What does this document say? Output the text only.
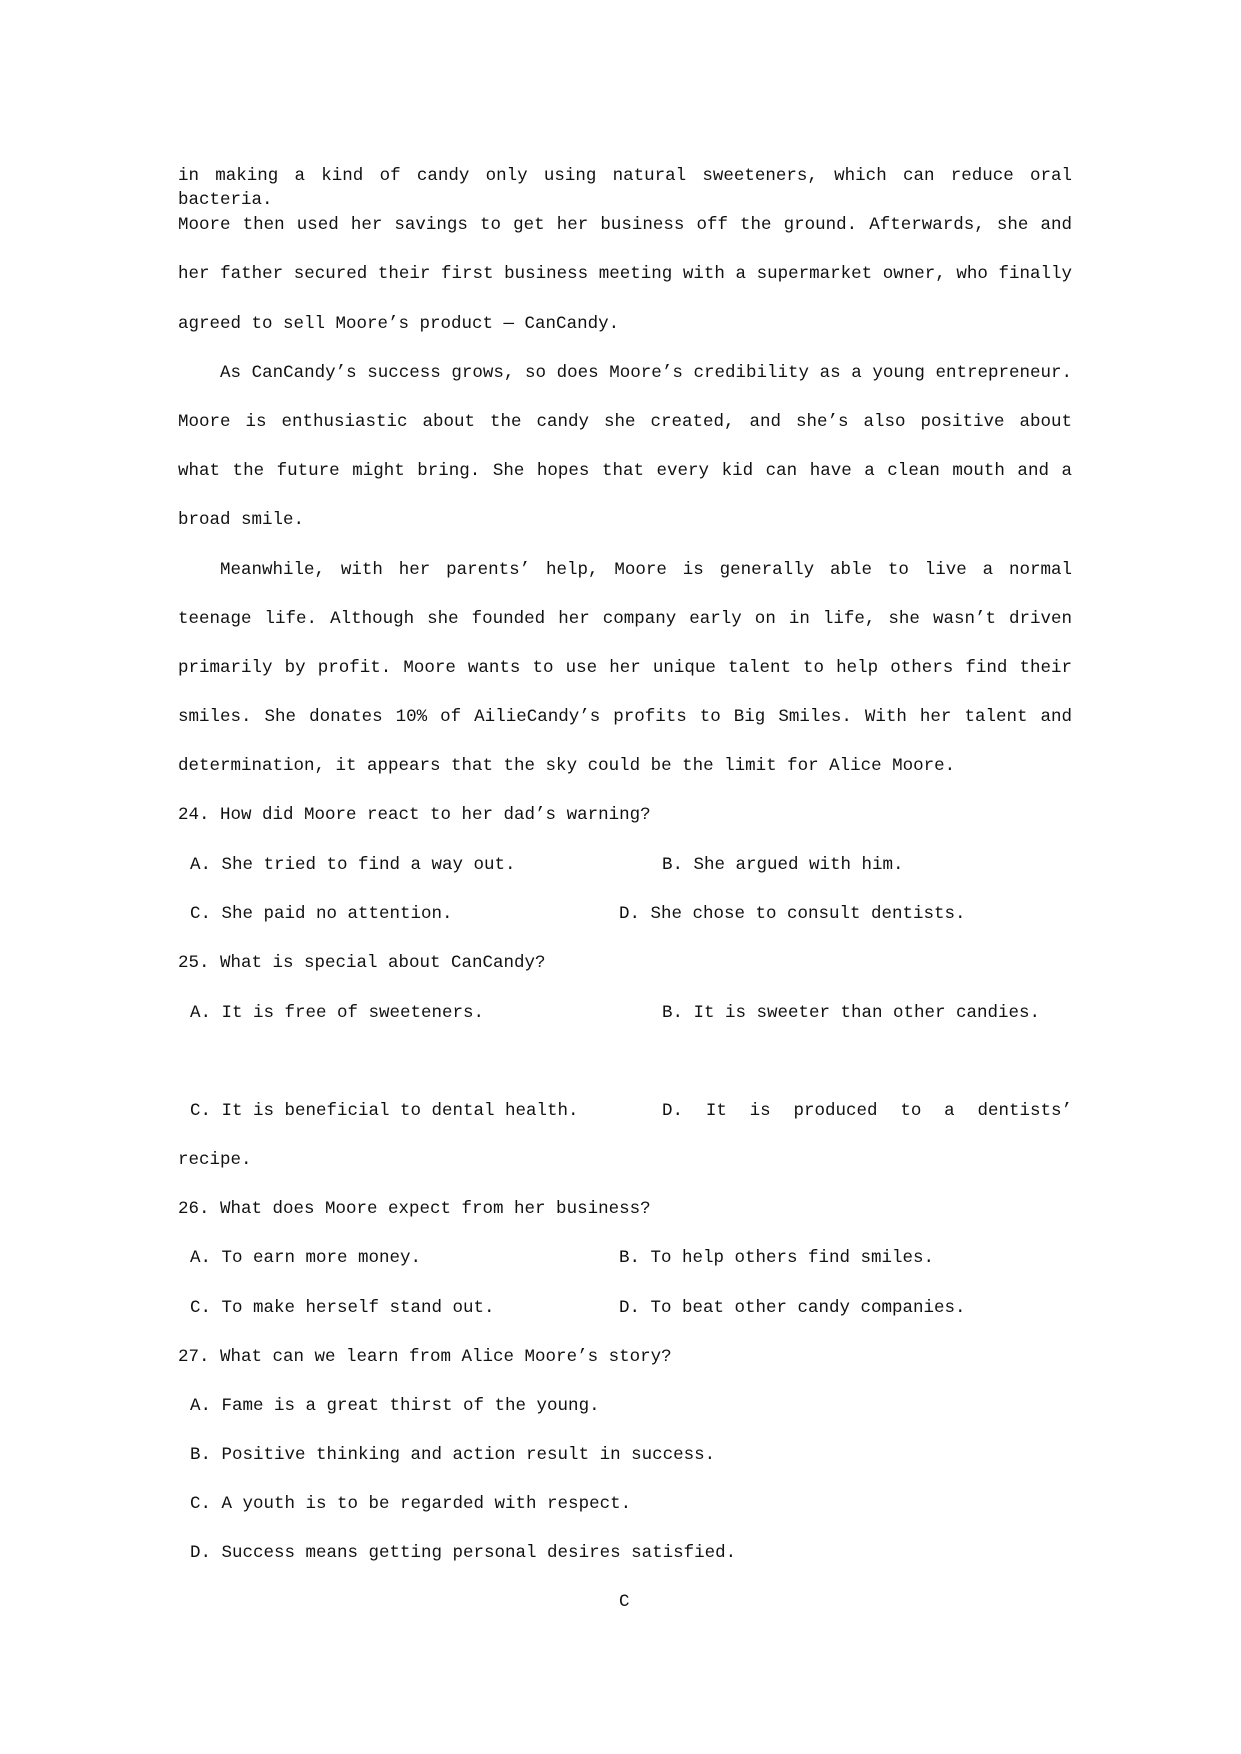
in making a kind of candy only using natural sweeteners, which can reduce oral bacteria.
Moore then used her savings to get her business off the ground. Afterwards, she and
her father secured their first business meeting with a supermarket owner, who finally
agreed to sell Moore’s product — CanCandy.
As CanCandy’s success grows, so does Moore’s credibility as a young entrepreneur.
Moore is enthusiastic about the candy she created, and she’s also positive about
what the future might bring. She hopes that every kid can have a clean mouth and a
broad smile.
Meanwhile, with her parents’ help, Moore is generally able to live a normal
teenage life. Although she founded her company early on in life, she wasn’t driven
primarily by profit. Moore wants to use her unique talent to help others find their
smiles. She donates 10% of AilieCandy’s profits to Big Smiles. With her talent and
determination, it appears that the sky could be the limit for Alice Moore.
24. How did Moore react to her dad’s warning?
A. She tried to find a way out.	B. She argued with him.
C. She paid no attention.	D. She chose to consult dentists.
25. What is special about CanCandy?
A. It is free of sweeteners.	B. It is sweeter than other candies.
C. It is beneficial to dental health.	D. It is produced to a dentists’
recipe.
26. What does Moore expect from her business?
A. To earn more money.	B. To help others find smiles.
C. To make herself stand out.	D. To beat other candy companies.
27. What can we learn from Alice Moore’s story?
A. Fame is a great thirst of the young.
B. Positive thinking and action result in success.
C. A youth is to be regarded with respect.
D. Success means getting personal desires satisfied.
C
